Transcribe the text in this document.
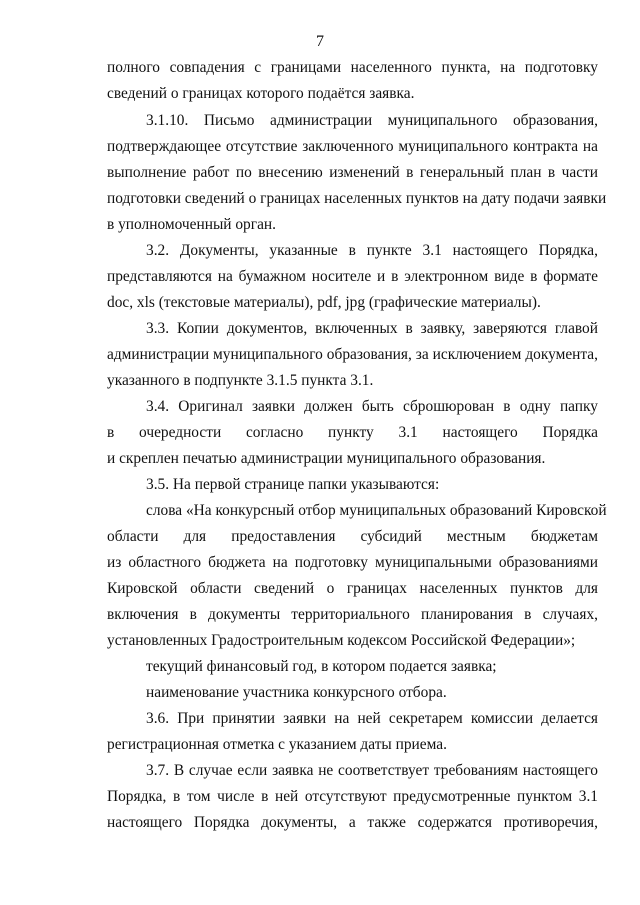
7
полного совпадения с границами населенного пункта, на подготовку
сведений о границах которого подаётся заявка.
3.1.10. Письмо администрации муниципального образования,
подтверждающее отсутствие заключенного муниципального контракта на
выполнение работ по внесению изменений в генеральный план в части
подготовки сведений о границах населенных пунктов на дату подачи заявки
в уполномоченный орган.
3.2. Документы, указанные в пункте 3.1 настоящего Порядка,
представляются на бумажном носителе и в электронном виде в формате
doc, xls (текстовые материалы), pdf, jpg (графические материалы).
3.3. Копии документов, включенных в заявку, заверяются главой
администрации муниципального образования, за исключением документа,
указанного в подпункте 3.1.5 пункта 3.1.
3.4. Оригинал заявки должен быть сброшюрован в одну папку
в очередности согласно пункту 3.1 настоящего Порядка
и скреплен печатью администрации муниципального образования.
3.5. На первой странице папки указываются:
слова «На конкурсный отбор муниципальных образований Кировской
области для предоставления субсидий местным бюджетам
из областного бюджета на подготовку муниципальными образованиями
Кировской области сведений о границах населенных пунктов для
включения в документы территориального планирования в случаях,
установленных Градостроительным кодексом Российской Федерации»;
текущий финансовый год, в котором подается заявка;
наименование участника конкурсного отбора.
3.6. При принятии заявки на ней секретарем комиссии делается
регистрационная отметка с указанием даты приема.
3.7. В случае если заявка не соответствует требованиям настоящего
Порядка, в том числе в ней отсутствуют предусмотренные пунктом 3.1
настоящего Порядка документы, а также содержатся противоречия,
